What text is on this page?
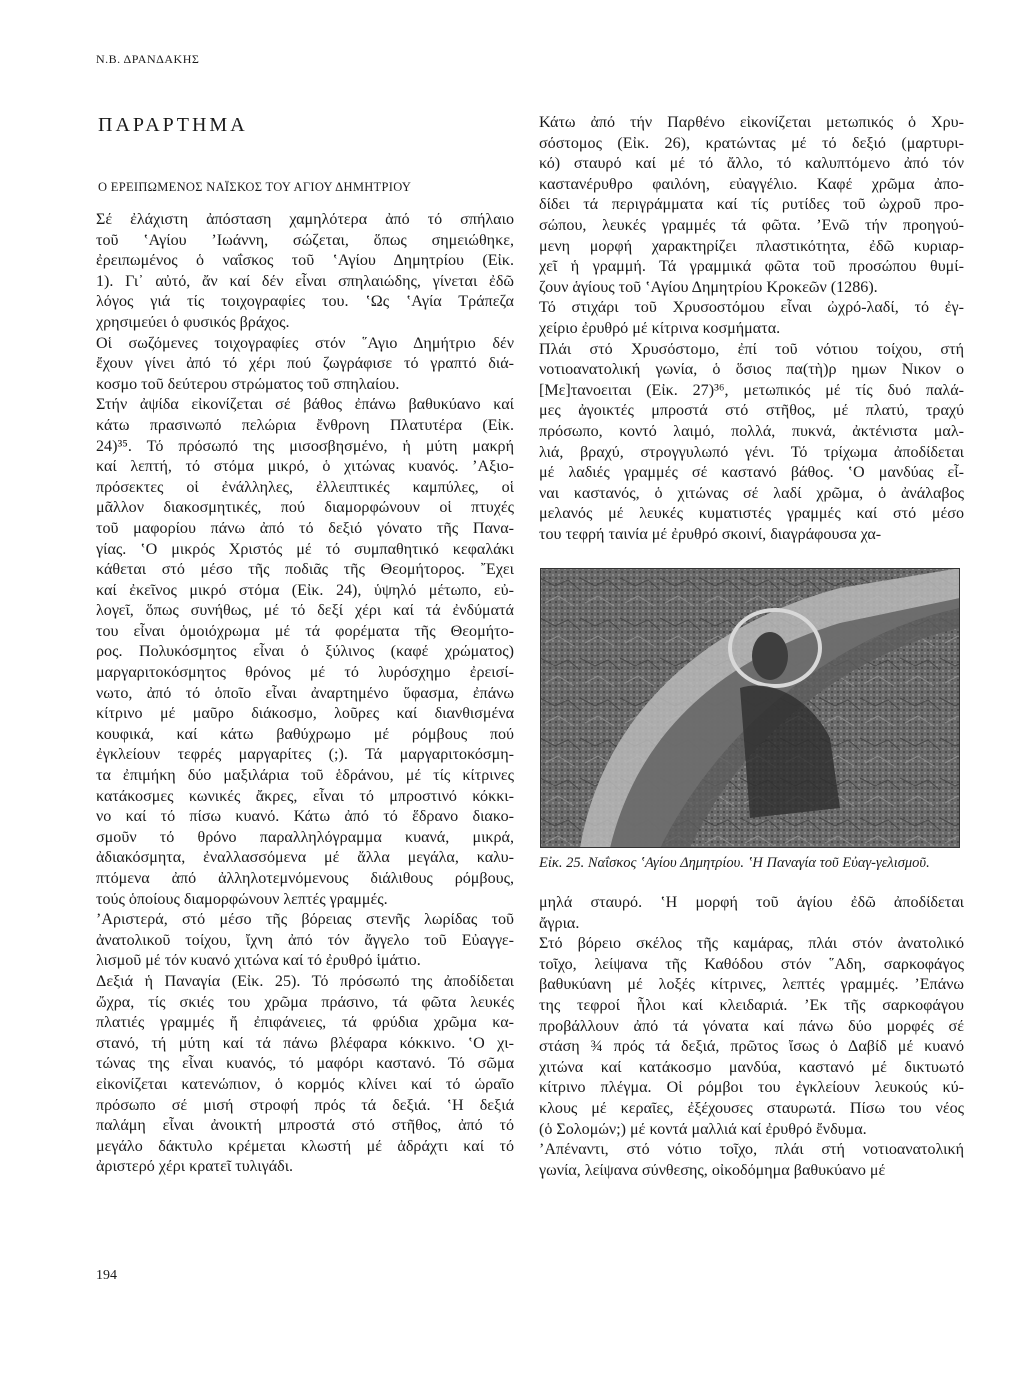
Ν.Β. ΔΡΑΝΔΑΚΗΣ
ΠΑΡΑΡΤΗΜΑ
Ο ΕΡΕΙΠΩΜΕΝΟΣ ΝΑΪΣΚΟΣ ΤΟΥ ΑΓΙΟΥ ΔΗΜΗΤΡΙΟΥ
Σέ ἐλάχιστη ἀπόσταση χαμηλότερα ἀπό τό σπήλαιο
τοῦ ʽΑγίου ʼΙωάννη, σώζεται, ὅπως σημειώθηκε,
ἐρειπωμένος ὁ ναΐσκος τοῦ ʽΑγίου Δημητρίου (Εἰκ.
1). Γι᾽ αὐτό, ἄν καί δέν εἶναι σπηλαιώδης, γίνεται ἐδῶ
λόγος γιά τίς τοιχογραφίες του. ʽΩς ʽΑγία Τράπεζα
χρησιμεύει ὁ φυσικός βράχος.
Οἱ σωζόμενες τοιχογραφίες στόν ῞Αγιο Δημήτριο δέν
ἔχουν γίνει ἀπό τό χέρι πού ζωγράφισε τό γραπτό διά-
κοσμο τοῦ δεύτερου στρώματος τοῦ σπηλαίου.
Στήν ἀψίδα εἰκονίζεται σέ βάθος ἐπάνω βαθυκύανο καί
κάτω πρασινωπό πελώρια ἔνθρονη Πλατυτέρα (Εἰκ.
24)³⁵. Τό πρόσωπό της μισοσβησμένο, ἡ μύτη μακρή
καί λεπτή, τό στόμα μικρό, ὁ χιτώνας κυανός. ʼΑξιο-
πρόσεκτες οἱ ἐνάλληλες, ἐλλειπτικές καμπύλες, οἱ
μᾶλλον διακοσμητικές, πού διαμορφώνουν οἱ πτυχές
τοῦ μαφορίου πάνω ἀπό τό δεξιό γόνατο τῆς Πανα-
γίας. ʽΟ μικρός Χριστός μέ τό συμπαθητικό κεφαλάκι
κάθεται στό μέσο τῆς ποδιᾶς τῆς Θεομήτορος. ῎Εχει
καί ἐκεῖνος μικρό στόμα (Εἰκ. 24), ὑψηλό μέτωπο, εὐ-
λογεῖ, ὅπως συνήθως, μέ τό δεξί χέρι καί τά ἐνδύματά
του εἶναι ὁμοιόχρωμα μέ τά φορέματα τῆς Θεομήτο-
ρος. Πολυκόσμητος εἶναι ὁ ξύλινος (καφέ χρώματος)
μαργαριτοκόσμητος θρόνος μέ τό λυρόσχημο ἐρεισί-
νωτο, ἀπό τό ὁποῖο εἶναι ἀναρτημένο ὕφασμα, ἐπάνω
κίτρινο μέ μαῦρο διάκοσμο, λοῦρες καί διανθισμένα
κουφικά, καί κάτω βαθύχρωμο μέ ρόμβους πού
ἐγκλείουν τεφρές μαργαρίτες (;). Τά μαργαριτοκόσμη-
τα ἐπιμήκη δύο μαξιλάρια τοῦ ἑδράνου, μέ τίς κίτρινες
κατάκοσμες κωνικές ἄκρες, εἶναι τό μπροστινό κόκκι-
νο καί τό πίσω κυανό. Κάτω ἀπό τό ἕδρανο διακο-
σμοῦν τό θρόνο παραλληλόγραμμα κυανά, μικρά,
ἀδιακόσμητα, ἐναλλασσόμενα μέ ἄλλα μεγάλα, καλυ-
πτόμενα ἀπό ἀλληλοτεμνόμενους διάλιθους ρόμβους,
τούς ὁποίους διαμορφώνουν λεπτές γραμμές.
ʼΑριστερά, στό μέσο τῆς βόρειας στενῆς λωρίδας τοῦ
ἀνατολικοῦ τοίχου, ἴχνη ἀπό τόν ἄγγελο τοῦ Εὐαγγε-
λισμοῦ μέ τόν κυανό χιτώνα καί τό ἐρυθρό ἱμάτιο.
Δεξιά ἡ Παναγία (Εἰκ. 25). Τό πρόσωπό της ἀποδίδεται
ὤχρα, τίς σκιές του χρῶμα πράσινο, τά φῶτα λευκές
πλατιές γραμμές ἤ ἐπιφάνειες, τά φρύδια χρῶμα κα-
στανό, τή μύτη καί τά πάνω βλέφαρα κόκκινο. ʽΟ χι-
τώνας της εἶναι κυανός, τό μαφόρι καστανό. Τό σῶμα
εἰκονίζεται κατενώπιον, ὁ κορμός κλίνει καί τό ὡραῖο
πρόσωπο σέ μισή στροφή πρός τά δεξιά. ʽΗ δεξιά
παλάμη εἶναι ἀνοικτή μπροστά στό στῆθος, ἀπό τό
μεγάλο δάκτυλο κρέμεται κλωστή μέ ἀδράχτι καί τό
ἀριστερό χέρι κρατεῖ τυλιγάδι.
Κάτω ἀπό τήν Παρθένο εἰκονίζεται μετωπικός ὁ Χρυ-
σόστομος (Εἰκ. 26), κρατώντας μέ τό δεξιό (μαρτυρι-
κό) σταυρό καί μέ τό ἄλλο, τό καλυπτόμενο ἀπό τόν
καστανέρυθρο φαιλόνη, εὐαγγέλιο. Καφέ χρῶμα ἀπο-
δίδει τά περιγράμματα καί τίς ρυτίδες τοῦ ὠχροῦ προ-
σώπου, λευκές γραμμές τά φῶτα. ʼΕνῶ τήν προηγού-
μενη μορφή χαρακτηρίζει πλαστικότητα, ἐδῶ κυριαρ-
χεῖ ἡ γραμμή. Τά γραμμικά φῶτα τοῦ προσώπου θυμί-
ζουν ἁγίους τοῦ ʽΑγίου Δημητρίου Κροκεῶν (1286).
Τό στιχάρι τοῦ Χρυσοστόμου εἶναι ὠχρό-λαδί, τό ἐγ-
χείριο ἐρυθρό μέ κίτρινα κοσμήματα.
Πλάι στό Χρυσόστομο, ἐπί τοῦ νότιου τοίχου, στή
νοτιοανατολική γωνία, ὁ ὅσιος πα(τὴ)ρ ημων Νικον ο
[Με]τανοειται (Εἰκ. 27)³⁶, μετωπικός μέ τίς δυό παλά-
μες ἀγοικτές μπροστά στό στῆθος, μέ πλατύ, τραχύ
πρόσωπο, κοντό λαιμό, πολλά, πυκνά, ἀκτένιστα μαλ-
λιά, βραχύ, στρογγυλωπό γένι. Τό τρίχωμα ἀποδίδεται
μέ λαδιές γραμμές σέ καστανό βάθος. ʽΟ μανδύας εἶ-
ναι καστανός, ὁ χιτώνας σέ λαδί χρῶμα, ὁ ἀνάλαβος
μελανός μέ λευκές κυματιστές γραμμές καί στό μέσο
του τεφρή ταινία μέ ἐρυθρό σκοινί, διαγράφουσα χα-
Εἰκ. 25. Ναΐσκος ʽΑγίου Δημητρίου. ʽΗ Παναγία τοῦ Εὐαγ-γελισμοῦ.
μηλά σταυρό. ʽΗ μορφή τοῦ ἁγίου ἐδῶ ἀποδίδεται
ἄγρια.
Στό βόρειο σκέλος τῆς καμάρας, πλάι στόν ἀνατολικό
τοῖχο, λείψανα τῆς Καθόδου στόν ῞Αδη, σαρκοφάγος
βαθυκύανη μέ λοξές κίτρινες, λεπτές γραμμές. ʼΕπάνω
της τεφροί ἧλοι καί κλειδαριά. ʼΕκ τῆς σαρκοφάγου
προβάλλουν ἀπό τά γόνατα καί πάνω δύο μορφές σέ
στάση ¾ πρός τά δεξιά, πρῶτος ἴσως ὁ Δαβίδ μέ κυανό
χιτώνα καί κατάκοσμο μανδύα, καστανό μέ δικτυωτό
κίτρινο πλέγμα. Οἱ ρόμβοι του ἐγκλείουν λευκούς κύ-
κλους μέ κεραῖες, ἐξέχουσες σταυρωτά. Πίσω του νέος
(ὁ Σολομών;) μέ κοντά μαλλιά καί ἐρυθρό ἔνδυμα.
ʼΑπέναντι, στό νότιο τοῖχο, πλάι στή νοτιοανατολική
γωνία, λείψανα σύνθεσης, οἰκοδόμημα βαθυκύανο μέ
194
